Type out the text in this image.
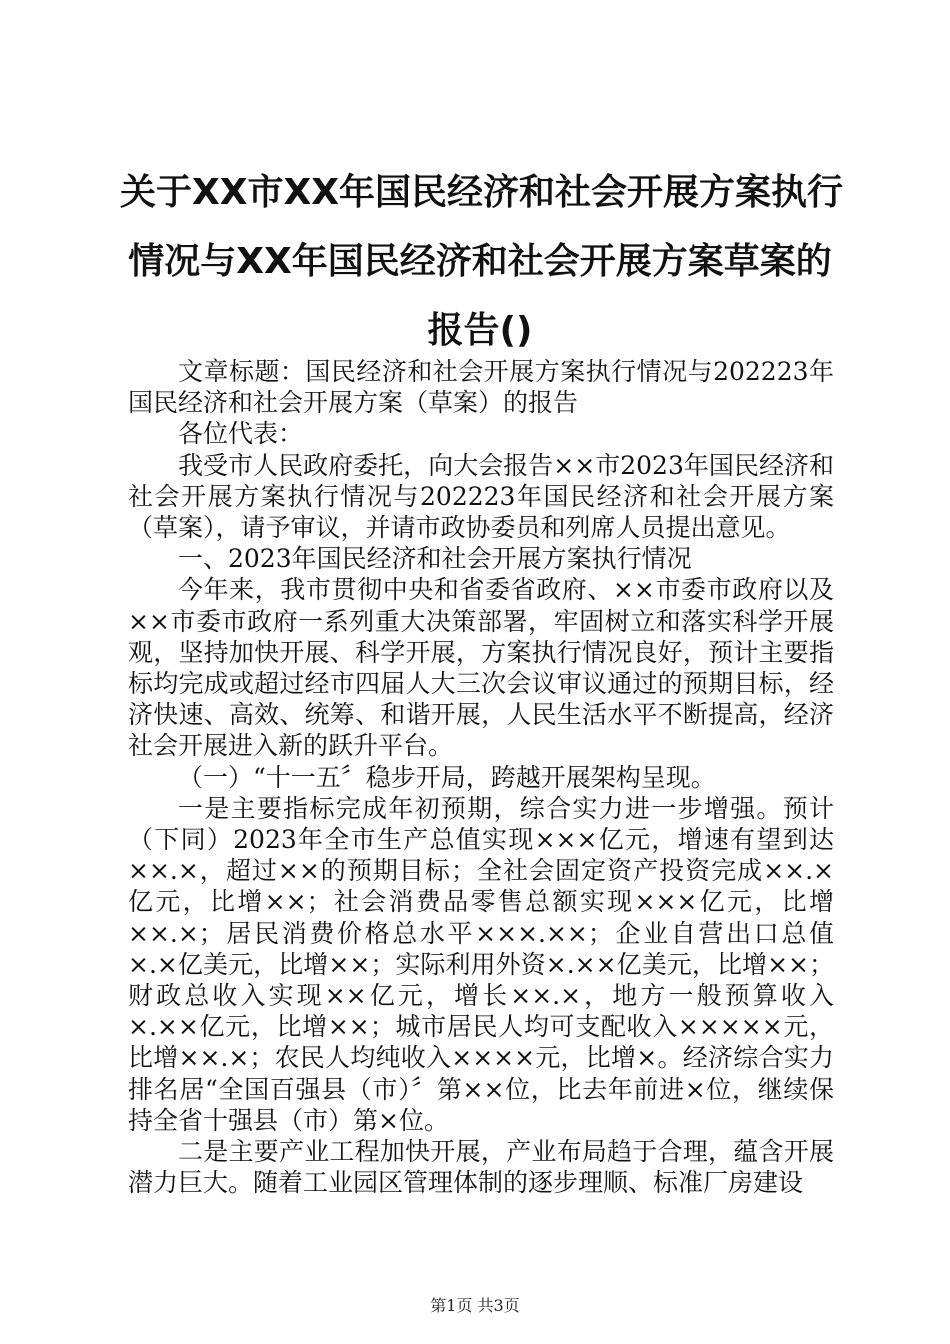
关于XX市XX年国民经济和社会开展方案执行
情况与XX年国民经济和社会开展方案草案的
报告()

文章标题：国民经济和社会开展方案执行情况与202223年国民经济和社会开展方案（草案）的报告

各位代表：

我受市人民政府委托，向大会报告××市2023年国民经济和社会开展方案执行情况与202223年国民经济和社会开展方案（草案），请予审议，并请市政协委员和列席人员提出意见。

一、2023年国民经济和社会开展方案执行情况

今年来，我市贯彻中央和省委省政府、××市委市政府以及××市委市政府一系列重大决策部署，牢固树立和落实科学开展观，坚持加快开展、科学开展，方案执行情况良好，预计主要指标均完成或超过经市四届人大三次会议审议通过的预期目标，经济快速、高效、统筹、和谐开展，人民生活水平不断提高，经济社会开展进入新的跃升平台。

（一）“十一五〞稳步开局，跨越开展架构呈现。

一是主要指标完成年初预期，综合实力进一步增强。预计（下同）2023年全市生产总值实现×××亿元，增速有望到达××.×，超过××的预期目标；全社会固定资产投资完成××.×亿元，比增××；社会消费品零售总额实现×××亿元，比增××.×；居民消费价格总水平×××.××；企业自营出口总值×.×亿美元，比增××；实际利用外资×.××亿美元，比增××；财政总收入实现××亿元，增长××.×，地方一般预算收入×.××亿元，比增××；城市居民人均可支配收入×××××元，比增××.×；农民人均纯收入××××元，比增×。经济综合实力排名居“全国百强县（市）〞第××位，比去年前进×位，继续保持全省十强县（市）第×位。

二是主要产业工程加快开展，产业布局趋于合理，蕴含开展潜力巨大。随着工业园区管理体制的逐步理顺、标准厂房建设

第1页 共3页
